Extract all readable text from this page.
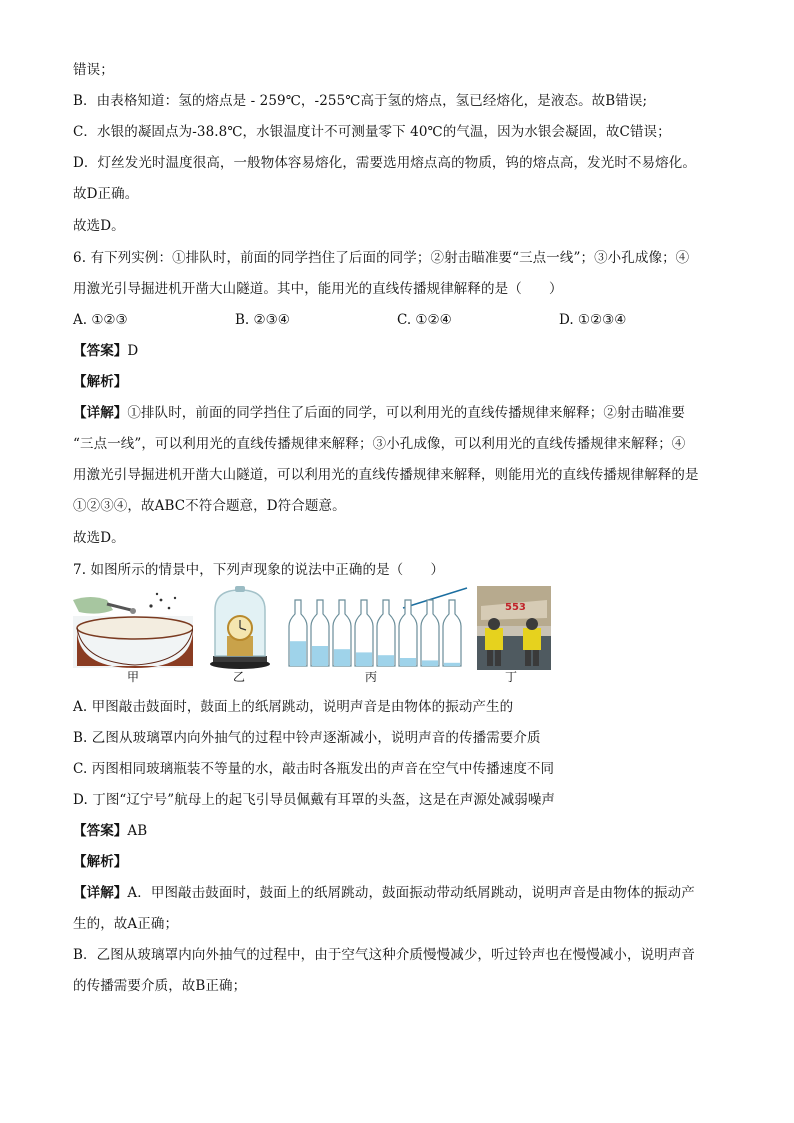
错误；

B．由表格知道：氢的熔点是 - 259℃，-255℃高于氢的熔点，氢已经熔化，是液态。故B错误;

C．水银的凝固点为-38.8℃，水银温度计不可测量零下 40℃的气温，因为水银会凝固，故C错误；

D．灯丝发光时温度很高，一般物体容易熔化，需要选用熔点高的物质，钨的熔点高，发光时不易熔化。

故D正确。

故选D。

6. 有下列实例：①排队时，前面的同学挡住了后面的同学；②射击瞄准要“三点一线”；③小孔成像；④

用激光引导掘进机开凿大山隧道。其中，能用光的直线传播规律解释的是（　　）

A. ①②③	B. ②③④	C. ①②④	D. ①②③④

【答案】D

【解析】

【详解】①排队时，前面的同学挡住了后面的同学，可以利用光的直线传播规律来解释；②射击瞄准要

“三点一线”，可以利用光的直线传播规律来解释；③小孔成像，可以利用光的直线传播规律来解释；④

用激光引导掘进机开凿大山隧道，可以利用光的直线传播规律来解释，则能用光的直线传播规律解释的是

①②③④，故ABC不符合题意，D符合题意。

故选D。

7. 如图所示的情景中，下列声现象的说法中正确的是（　　）

553
甲	乙	丙	丁

A. 甲图敲击鼓面时，鼓面上的纸屑跳动，说明声音是由物体的振动产生的

B. 乙图从玻璃罩内向外抽气的过程中铃声逐渐减小，说明声音的传播需要介质

C. 丙图相同玻璃瓶装不等量的水，敲击时各瓶发出的声音在空气中传播速度不同

D. 丁图“辽宁号”航母上的起飞引导员佩戴有耳罩的头盔，这是在声源处减弱噪声

【答案】AB

【解析】

【详解】A．甲图敲击鼓面时，鼓面上的纸屑跳动，鼓面振动带动纸屑跳动，说明声音是由物体的振动产

生的，故A正确；

B．乙图从玻璃罩内向外抽气的过程中，由于空气这种介质慢慢减少，听过铃声也在慢慢减小，说明声音

的传播需要介质，故B正确；
